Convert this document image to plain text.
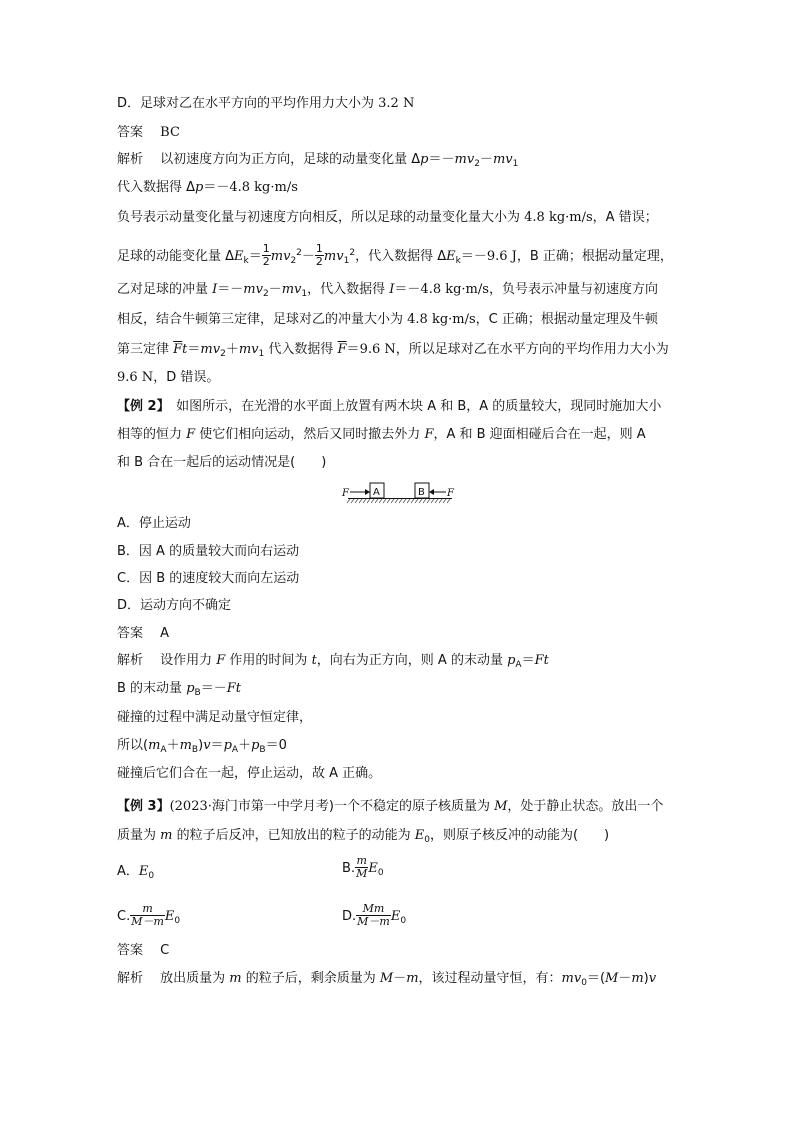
D．足球对乙在水平方向的平均作用力大小为 3.2 N
答案　 BC
解析　 以初速度方向为正方向，足球的动量变化量 $\Delta p=-mv_2-mv_1$
代入数据得 Δp＝－4.8 kg·m/s
负号表示动量变化量与初速度方向相反，所以足球的动量变化量大小为 4.8 kg·m/s，A 错误；
足球的动能变化量 $\Delta E_k= \frac{1}{2} mv_2^2- \frac{1}{2} mv_1^2$，代入数据得 $\Delta E_k=-9.6$ J，B 正确；根据动量定理，
乙对足球的冲量 $I=-mv_2-mv_1$，代入数据得 I＝－4.8 kg·m/s，负号表示冲量与初速度方向
相反，结合牛顿第三定律，足球对乙的冲量大小为 4.8 kg·m/s，C 正确；根据动量定理及牛顿
第三定律 $\overline{F}t=mv_2+mv_1$ 代入数据得 $\overline{F}=9.6$ N，所以足球对乙在水平方向的平均作用力大小为
9.6 N，D 错误。
【例 2】　如图所示，在光滑的水平面上放置有两木块 A 和 B，A 的质量较大，现同时施加大小
相等的恒力 F 使它们相向运动，然后又同时撤去外力 F，A 和 B 迎面相碰后合在一起，则 A
和 B 合在一起后的运动情况是(　　)
F A	B F
A．停止运动
B．因 A 的质量较大而向右运动
C．因 B 的速度较大而向左运动
D．运动方向不确定
答案　 A
解析　 设作用力 F 作用的时间为 t，向右为正方向，则 A 的末动量 $p_A=Ft$
B 的末动量 $p_B=-Ft$
碰撞的过程中满足动量守恒定律，
所以$(m_A+m_B)v=p_A+p_B=0$
碰撞后它们合在一起，停止运动，故 A 正确。
【例 3】(2023·海门市第一中学月考)一个不稳定的原子核质量为 M，处于静止状态。放出一个
质量为 m 的粒子后反冲，已知放出的粒子的动能为 $E_0$，则原子核反冲的动能为(　　)
A．$E_0$	B. $\frac{m}{M} E_0$
C. $\frac{m}{M-m} E_0$	D. $\frac{Mm}{M-m} E_0$
答案　 C
解析　 放出质量为 m 的粒子后，剩余质量为 M－m，该过程动量守恒，有：$mv_0=(M-m)v$
